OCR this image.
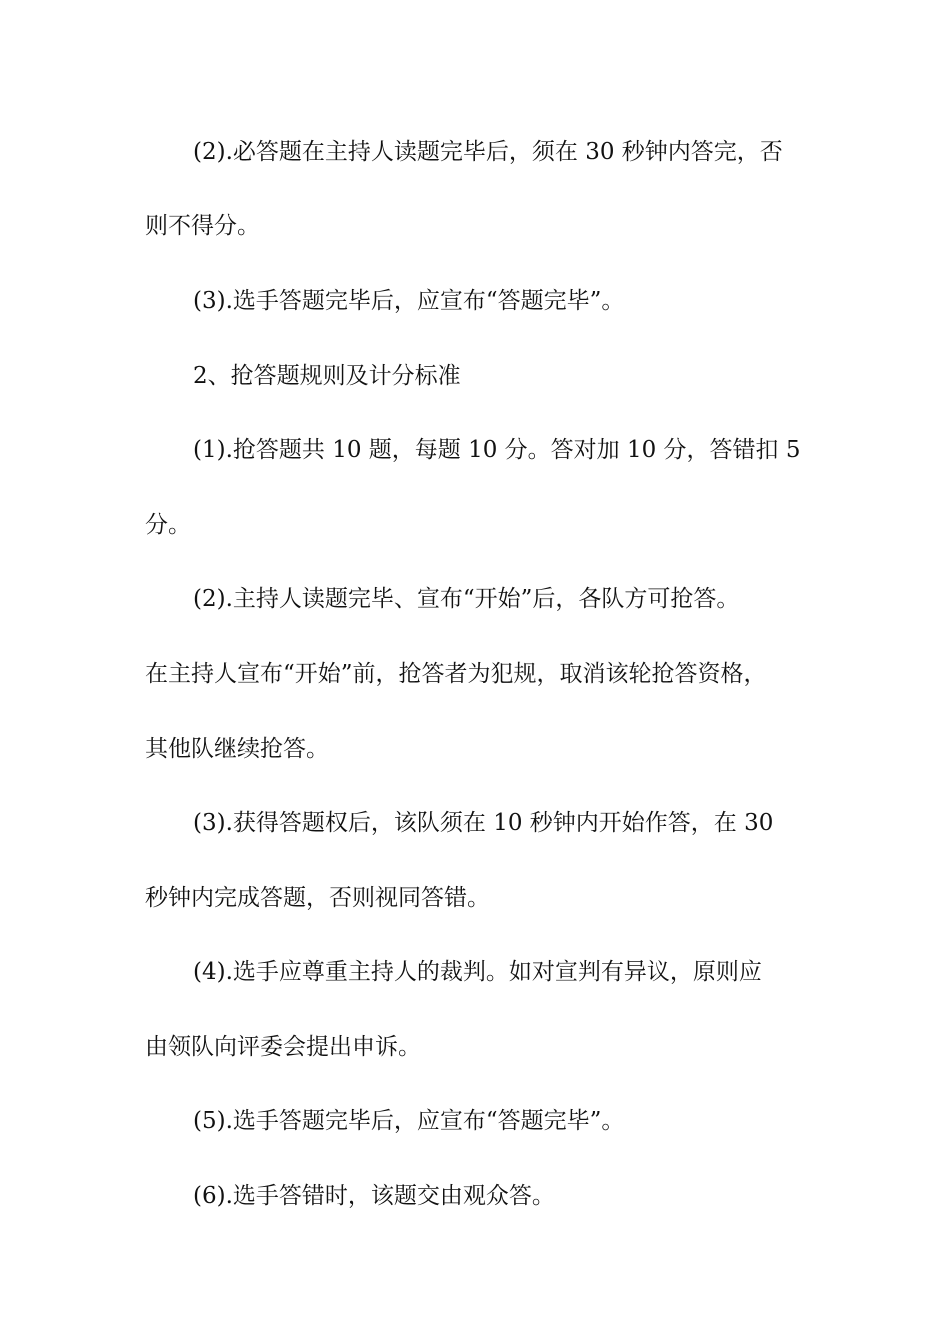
(2).必答题在主持人读题完毕后，须在 30 秒钟内答完，否
则不得分。
(3).选手答题完毕后，应宣布“答题完毕”。
2、抢答题规则及计分标准
(1).抢答题共 10 题，每题 10 分。答对加 10 分，答错扣 5
分。
(2).主持人读题完毕、宣布“开始”后，各队方可抢答。
在主持人宣布“开始”前，抢答者为犯规，取消该轮抢答资格，
其他队继续抢答。
(3).获得答题权后，该队须在 10 秒钟内开始作答，在 30
秒钟内完成答题，否则视同答错。
(4).选手应尊重主持人的裁判。如对宣判有异议，原则应
由领队向评委会提出申诉。
(5).选手答题完毕后，应宣布“答题完毕”。
(6).选手答错时，该题交由观众答。
